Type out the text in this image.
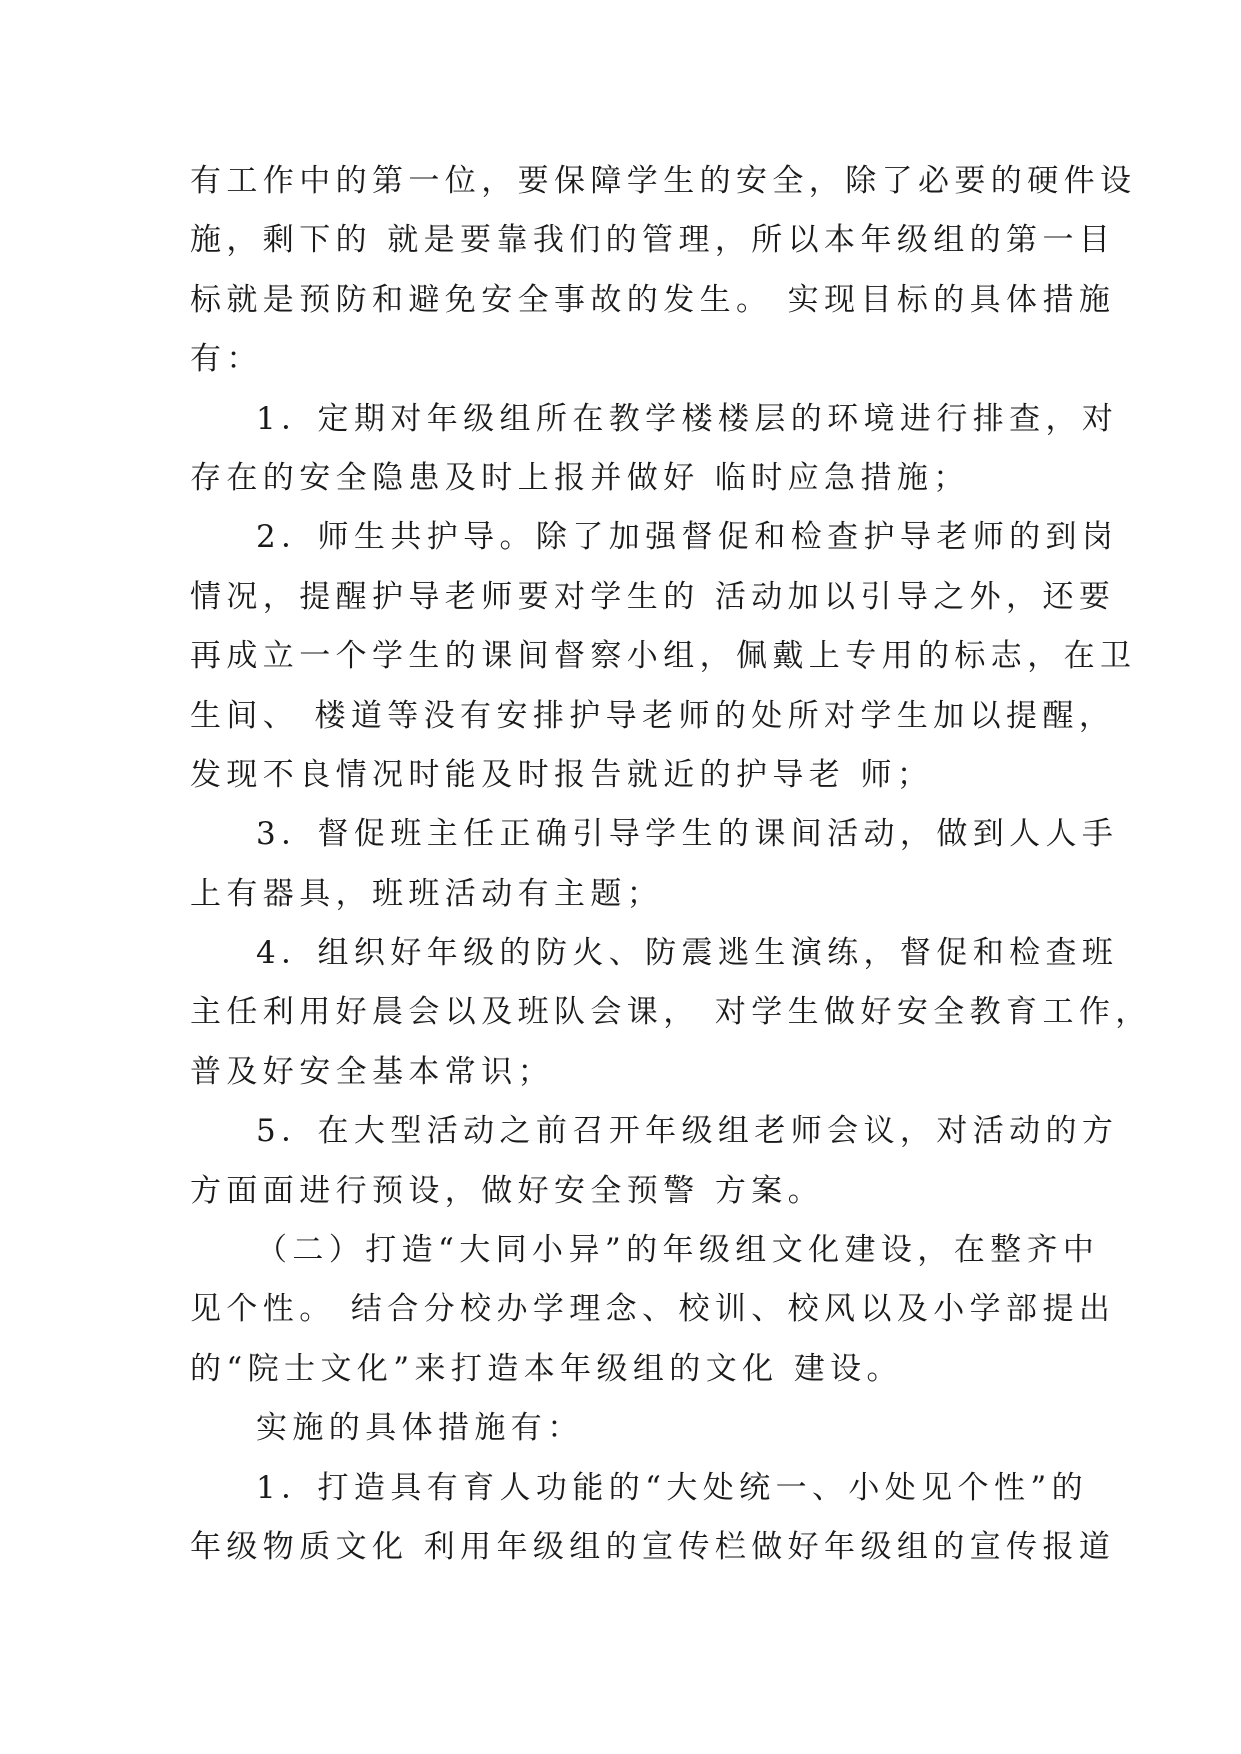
有工作中的第一位，要保障学生的安全，除了必要的硬件设
施，剩下的 就是要靠我们的管理，所以本年级组的第一目
标就是预防和避免安全事故的发生。 实现目标的具体措施
有：
1．定期对年级组所在教学楼楼层的环境进行排查，对
存在的安全隐患及时上报并做好 临时应急措施；
2．师生共护导。除了加强督促和检查护导老师的到岗
情况，提醒护导老师要对学生的 活动加以引导之外，还要
再成立一个学生的课间督察小组，佩戴上专用的标志，在卫
生间、 楼道等没有安排护导老师的处所对学生加以提醒，
发现不良情况时能及时报告就近的护导老 师；
3．督促班主任正确引导学生的课间活动，做到人人手
上有器具，班班活动有主题；
4．组织好年级的防火、防震逃生演练，督促和检查班
主任利用好晨会以及班队会课， 对学生做好安全教育工作，
普及好安全基本常识；
5．在大型活动之前召开年级组老师会议，对活动的方
方面面进行预设，做好安全预警 方案。
（二）打造“大同小异”的年级组文化建设，在整齐中
见个性。 结合分校办学理念、校训、校风以及小学部提出
的“院士文化”来打造本年级组的文化 建设。
实施的具体措施有：
1．打造具有育人功能的“大处统一、小处见个性”的
年级物质文化 利用年级组的宣传栏做好年级组的宣传报道
